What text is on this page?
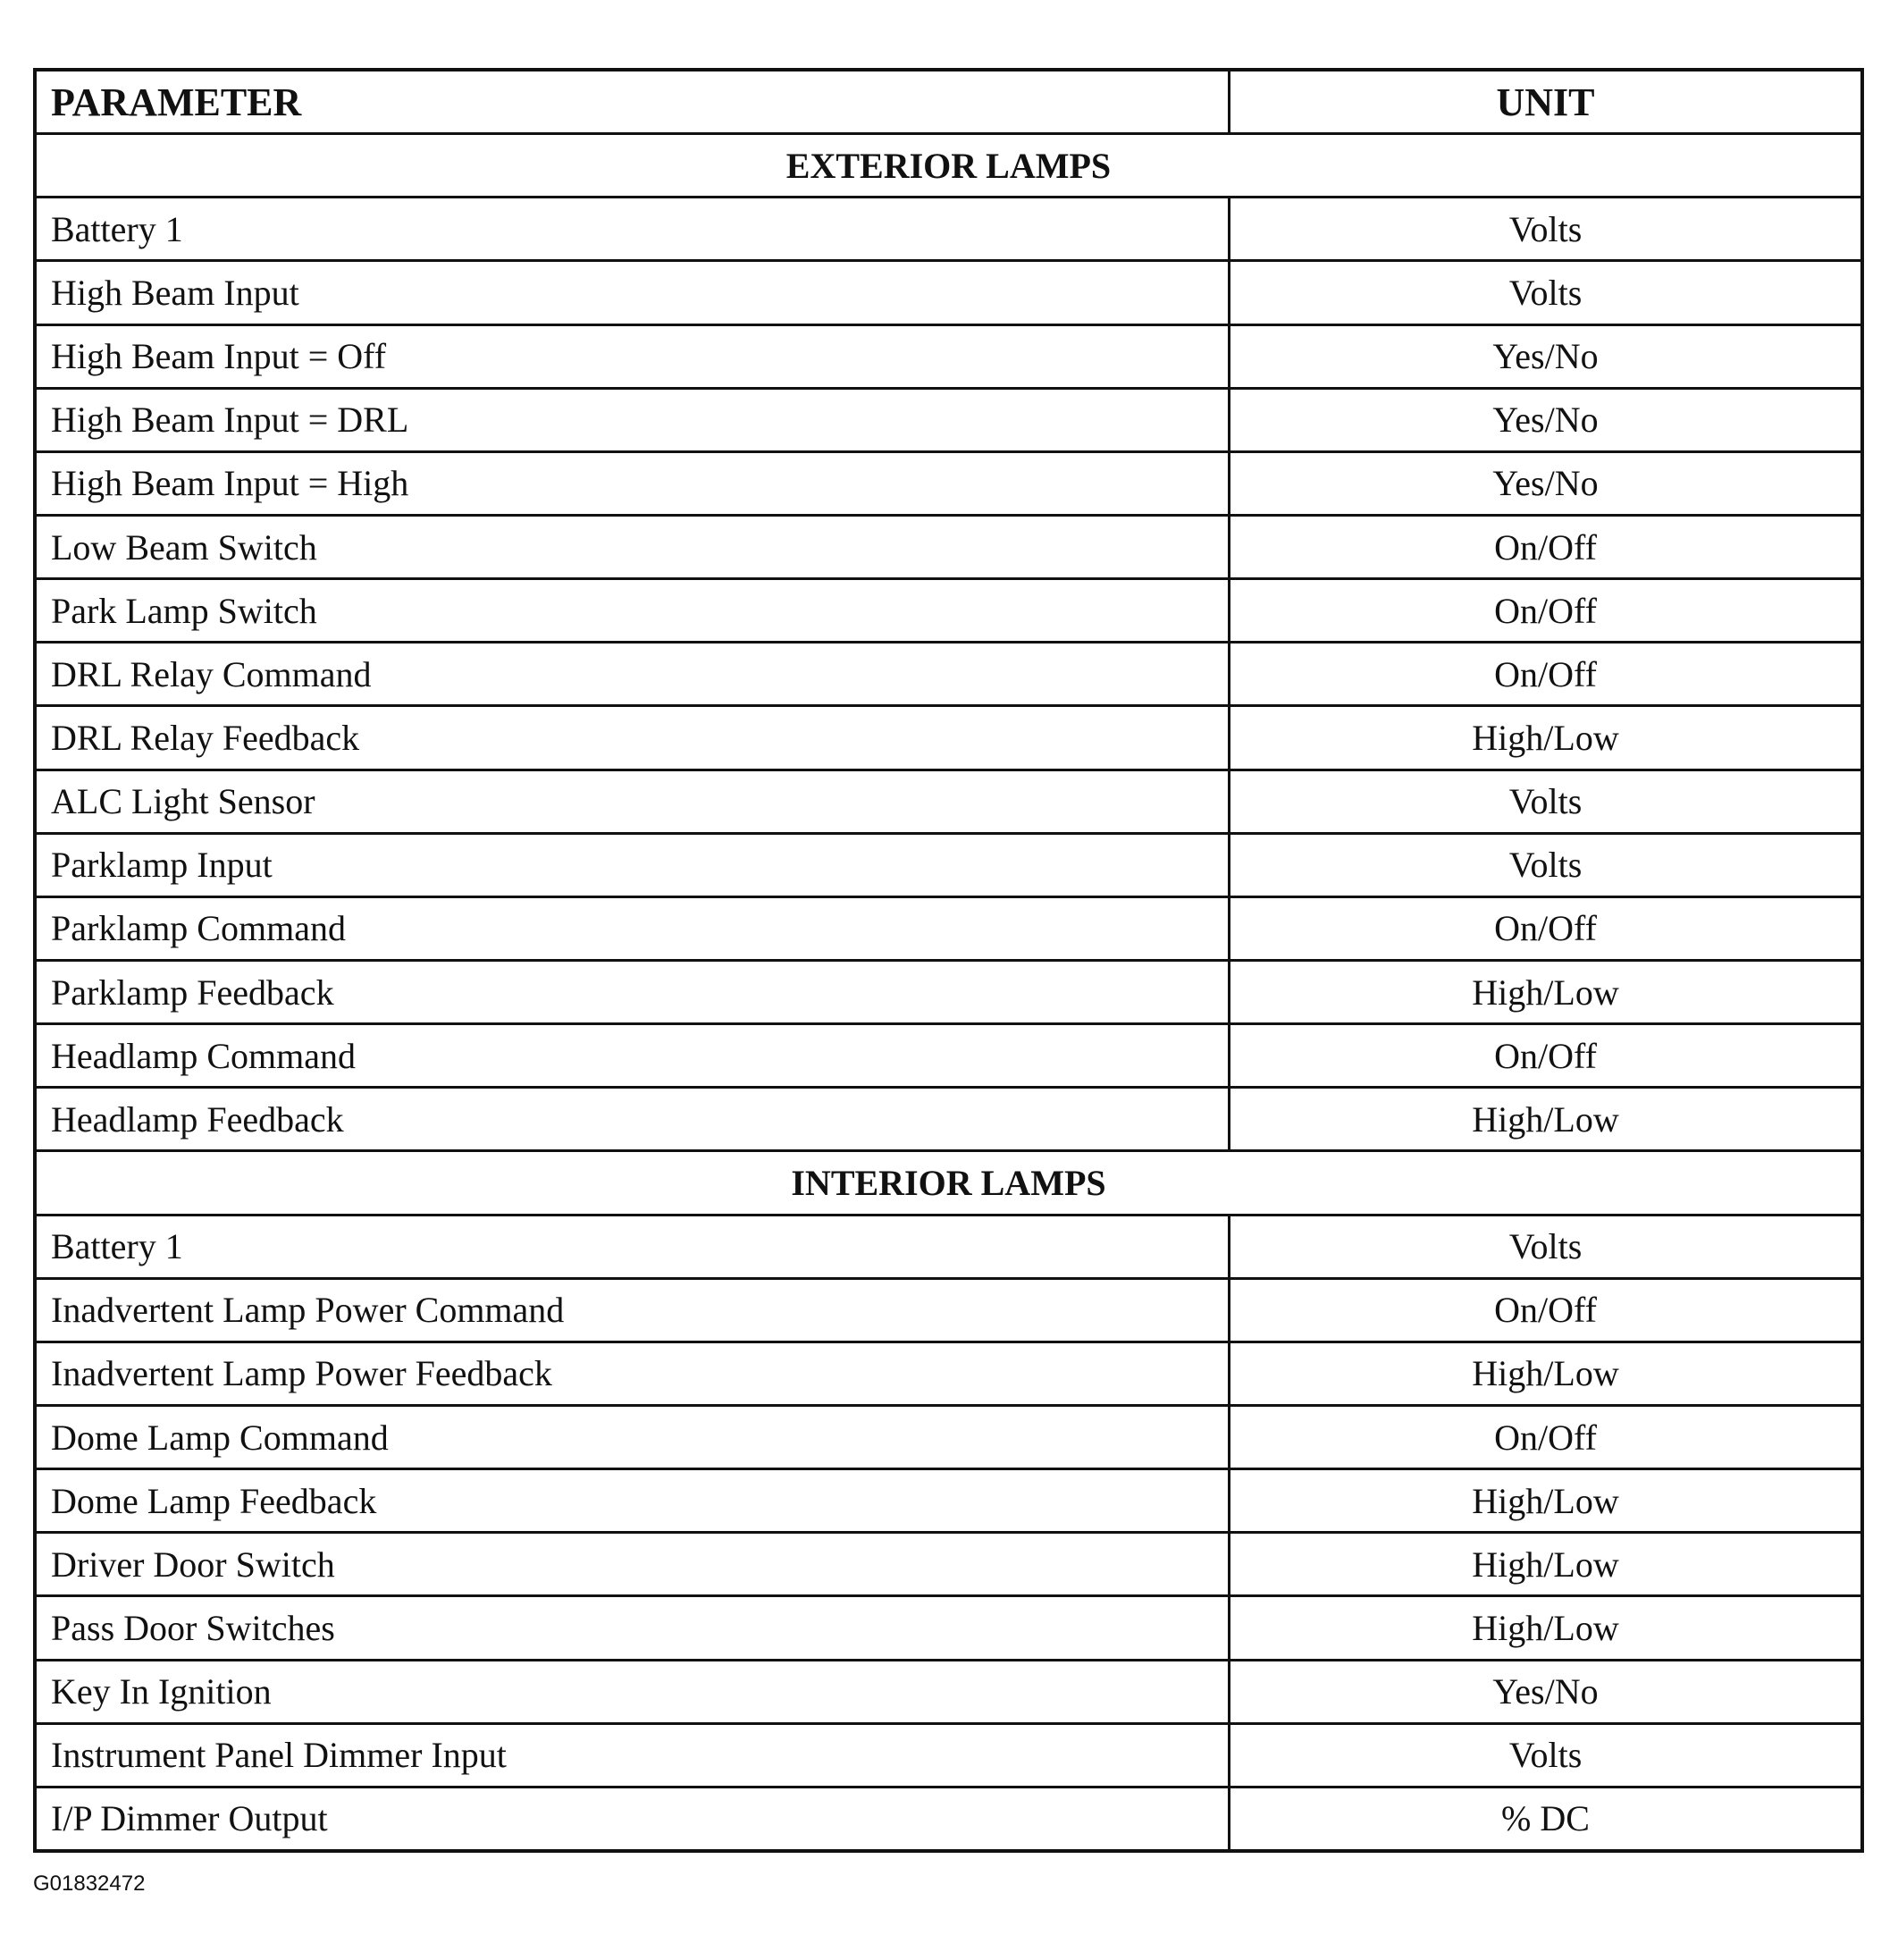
PARAMETER	UNIT
EXTERIOR LAMPS
Battery 1	Volts
High Beam Input	Volts
High Beam Input = Off	Yes/No
High Beam Input = DRL	Yes/No
High Beam Input = High	Yes/No
Low Beam Switch	On/Off
Park Lamp Switch	On/Off
DRL Relay Command	On/Off
DRL Relay Feedback	High/Low
ALC Light Sensor	Volts
Parklamp Input	Volts
Parklamp Command	On/Off
Parklamp Feedback	High/Low
Headlamp Command	On/Off
Headlamp Feedback	High/Low
INTERIOR LAMPS
Battery 1	Volts
Inadvertent Lamp Power Command	On/Off
Inadvertent Lamp Power Feedback	High/Low
Dome Lamp Command	On/Off
Dome Lamp Feedback	High/Low
Driver Door Switch	High/Low
Pass Door Switches	High/Low
Key In Ignition	Yes/No
Instrument Panel Dimmer Input	Volts
I/P Dimmer Output	% DC
G01832472
